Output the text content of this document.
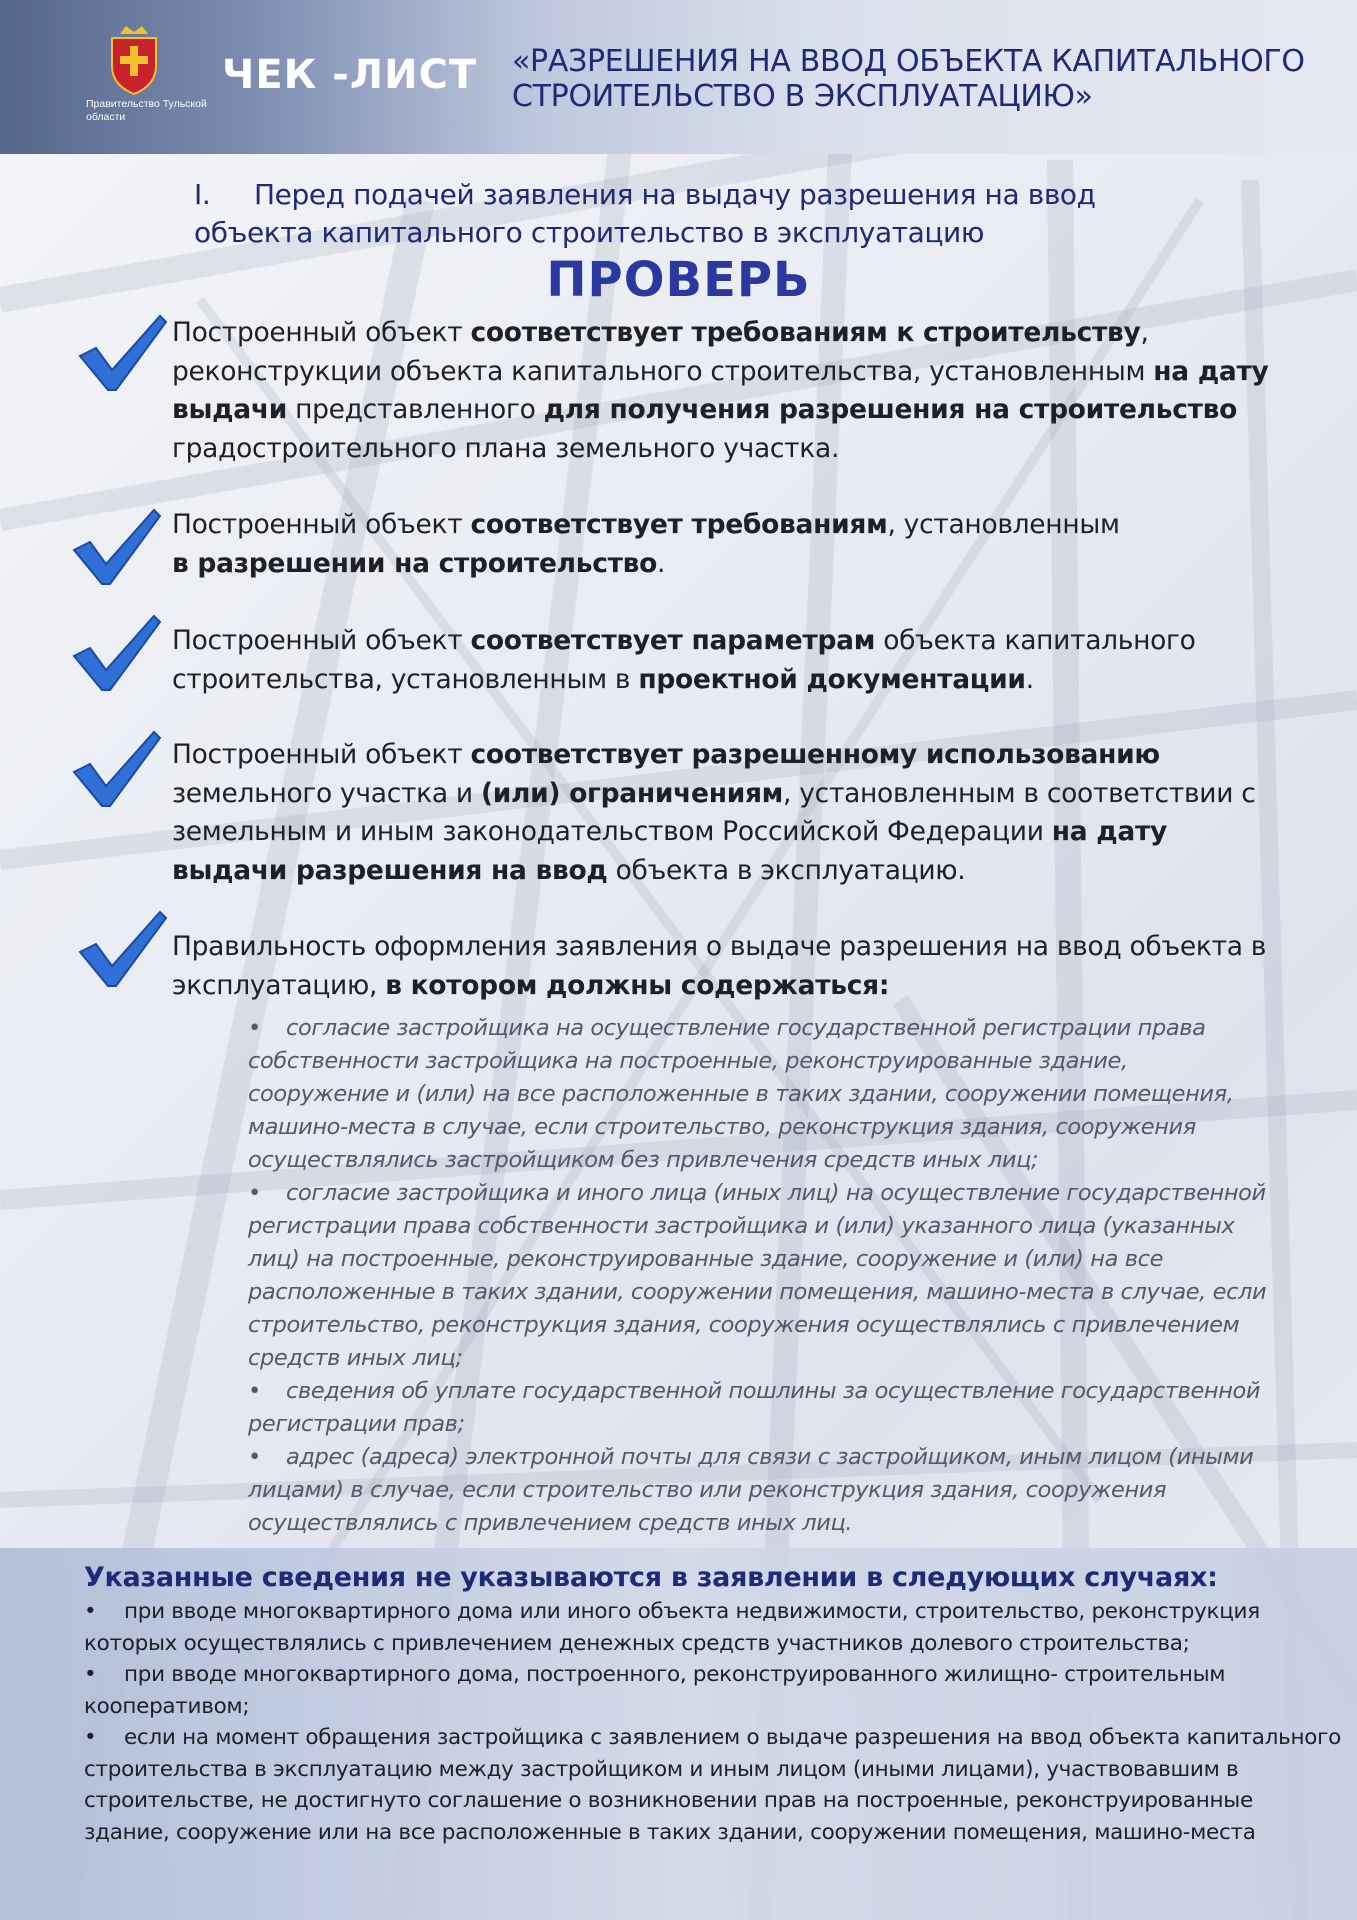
Правительство Тульской области
ЧЕК -ЛИСТ «РАЗРЕШЕНИЯ НА ВВОД ОБЪЕКТА КАПИТАЛЬНОГО СТРОИТЕЛЬСТВО В ЭКСПЛУАТАЦИЮ»
I. Перед подачей заявления на выдачу разрешения на ввод объекта капитального строительство в эксплуатацию
ПРОВЕРЬ
Построенный объект соответствует требованиям к строительству, реконструкции объекта капитального строительства, установленным на дату выдачи представленного для получения разрешения на строительство градостроительного плана земельного участка.
Построенный объект соответствует требованиям, установленным
в разрешении на строительство.
Построенный объект соответствует параметрам объекта капитального строительства, установленным в проектной документации.
Построенный объект соответствует разрешенному использованию земельного участка и (или) ограничениям, установленным в соответствии с земельным и иным законодательством Российской Федерации на дату выдачи разрешения на ввод объекта в эксплуатацию.
Правильность оформления заявления о выдаче разрешения на ввод объекта в эксплуатацию, в котором должны содержаться:
• согласие застройщика на осуществление государственной регистрации права собственности застройщика на построенные, реконструированные здание, сооружение и (или) на все расположенные в таких здании, сооружении помещения, машино-места в случае, если строительство, реконструкция здания, сооружения осуществлялись застройщиком без привлечения средств иных лиц;
• согласие застройщика и иного лица (иных лиц) на осуществление государственной регистрации права собственности застройщика и (или) указанного лица (указанных лиц) на построенные, реконструированные здание, сооружение и (или) на все расположенные в таких здании, сооружении помещения, машино-места в случае, если строительство, реконструкция здания, сооружения осуществлялись с привлечением средств иных лиц;
• сведения об уплате государственной пошлины за осуществление государственной регистрации прав;
• адрес (адреса) электронной почты для связи с застройщиком, иным лицом (иными лицами) в случае, если строительство или реконструкция здания, сооружения осуществлялись с привлечением средств иных лиц.
Указанные сведения не указываются в заявлении в следующих случаях:
• при вводе многоквартирного дома или иного объекта недвижимости, строительство, реконструкция которых осуществлялись с привлечением денежных средств участников долевого строительства;
• при вводе многоквартирного дома, построенного, реконструированного жилищно- строительным кооперативом;
• если на момент обращения застройщика с заявлением о выдаче разрешения на ввод объекта капитального строительства в эксплуатацию между застройщиком и иным лицом (иными лицами), участвовавшим в строительстве, не достигнуто соглашение о возникновении прав на построенные, реконструированные здание, сооружение или на все расположенные в таких здании, сооружении помещения, машино-места
